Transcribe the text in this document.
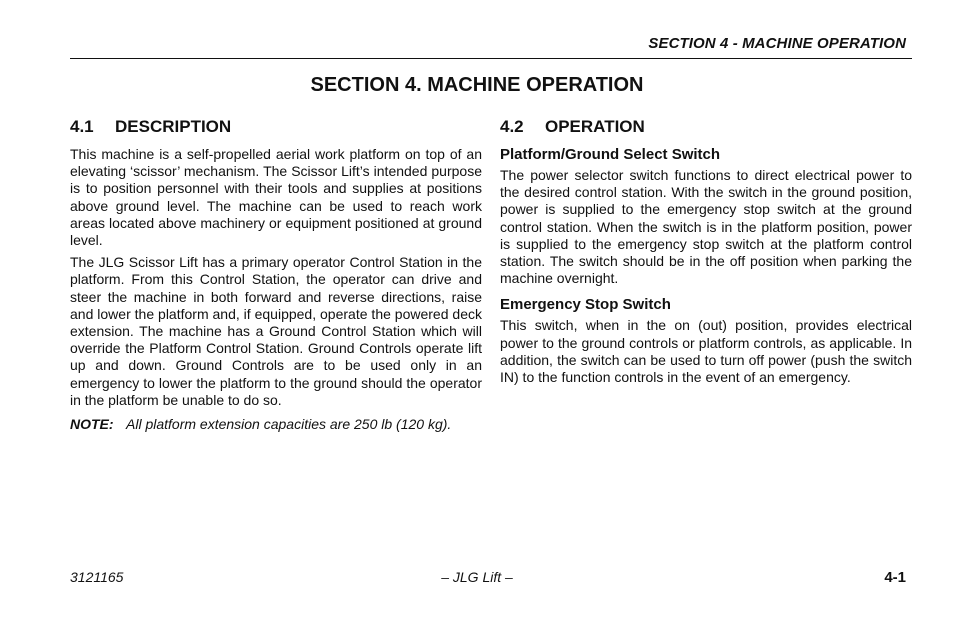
SECTION 4 - MACHINE OPERATION
SECTION 4. MACHINE OPERATION
4.1	DESCRIPTION

This machine is a self-propelled aerial work platform on top of an elevating ‘scissor’ mechanism. The Scissor Lift’s intended purpose is to position personnel with their tools and supplies at positions above ground level. The machine can be used to reach work areas located above machinery or equipment positioned at ground level.

The JLG Scissor Lift has a primary operator Control Station in the platform. From this Control Station, the operator can drive and steer the machine in both forward and reverse directions, raise and lower the platform and, if equipped, operate the powered deck extension. The machine has a Ground Control Station which will override the Platform Control Station. Ground Controls operate lift up and down. Ground Controls are to be used only in an emergency to lower the platform to the ground should the operator in the platform be unable to do so.

NOTE: All platform extension capacities are 250 lb (120 kg).
4.2	OPERATION
Platform/Ground Select Switch

The power selector switch functions to direct electrical power to the desired control station. With the switch in the ground position, power is supplied to the emergency stop switch at the ground control station. When the switch is in the platform position, power is supplied to the emergency stop switch at the platform control station. The switch should be in the off position when parking the machine overnight.

Emergency Stop Switch

This switch, when in the on (out) position, provides electrical power to the ground controls or platform controls, as applicable. In addition, the switch can be used to turn off power (push the switch IN) to the function controls in the event of an emergency.

3121165	– JLG Lift –	4-1
